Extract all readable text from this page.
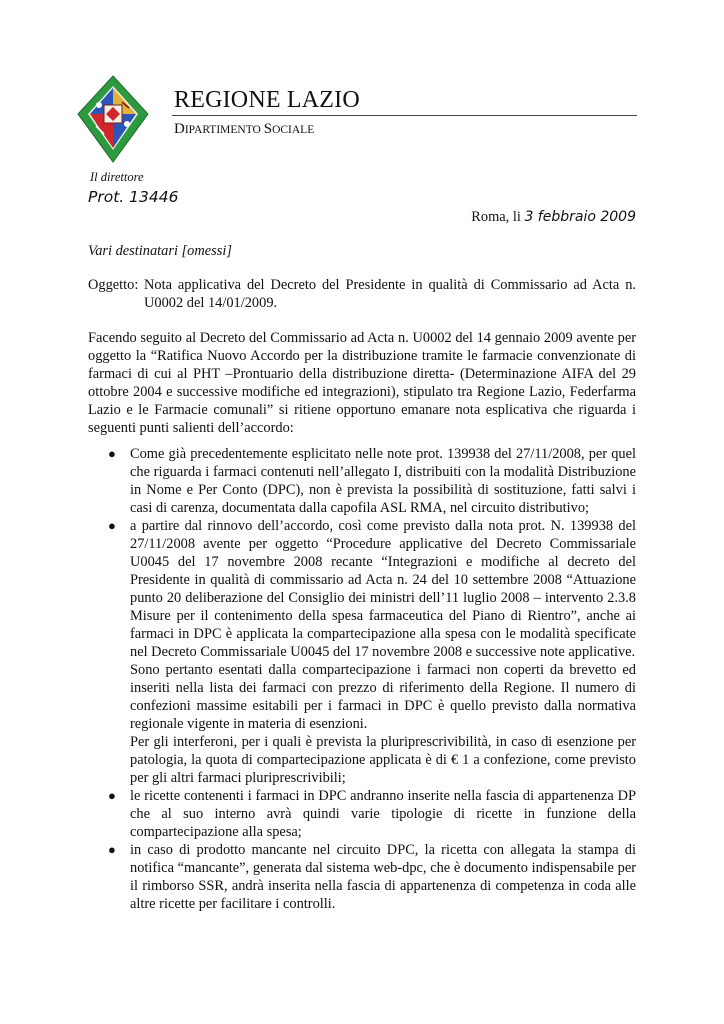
REGIONE LAZIO
DIPARTIMENTO SOCIALE
Il direttore
Prot. 13446
Roma, li 3 febbraio 2009
Vari destinatari [omessi]
Oggetto: Nota applicativa del Decreto del Presidente in qualità di Commissario ad Acta n. U0002 del 14/01/2009.
Facendo seguito al Decreto del Commissario ad Acta n. U0002 del 14 gennaio 2009 avente per oggetto la “Ratifica Nuovo Accordo per la distribuzione tramite le farmacie convenzionate di farmaci di cui al PHT –Prontuario della distribuzione diretta- (Determinazione AIFA del 29 ottobre 2004 e successive modifiche ed integrazioni), stipulato tra Regione Lazio, Federfarma Lazio e le Farmacie comunali” si ritiene opportuno emanare nota esplicativa che riguarda i seguenti punti salienti dell’accordo:
● Come già precedentemente esplicitato nelle note prot. 139938 del 27/11/2008, per quel che riguarda i farmaci contenuti nell’allegato I, distribuiti con la modalità Distribuzione in Nome e Per Conto (DPC), non è prevista la possibilità di sostituzione, fatti salvi i casi di carenza, documentata dalla capofila ASL RMA, nel circuito distributivo;

● a partire dal rinnovo dell’accordo, così come previsto dalla nota prot. N. 139938 del 27/11/2008 avente per oggetto “Procedure applicative del Decreto Commissariale U0045 del 17 novembre 2008 recante “Integrazioni e modifiche al decreto del Presidente in qualità di commissario ad Acta n. 24 del 10 settembre 2008 “Attuazione punto 20 deliberazione del Consiglio dei ministri dell’11 luglio 2008 – intervento 2.3.8 Misure per il contenimento della spesa farmaceutica del Piano di Rientro”, anche ai farmaci in DPC è applicata la compartecipazione alla spesa con le modalità specificate nel Decreto Commissariale U0045 del 17 novembre 2008 e successive note applicative.

Sono pertanto esentati dalla compartecipazione i farmaci non coperti da brevetto ed inseriti nella lista dei farmaci con prezzo di riferimento della Regione. Il numero di confezioni massime esitabili per i farmaci in DPC è quello previsto dalla normativa regionale vigente in materia di esenzioni.

Per gli interferoni, per i quali è prevista la pluriprescrivibilità, in caso di esenzione per patologia, la quota di compartecipazione applicata è di € 1 a confezione, come previsto per gli altri farmaci pluriprescrivibili;

● le ricette contenenti i farmaci in DPC andranno inserite nella fascia di appartenenza DP che al suo interno avrà quindi varie tipologie di ricette in funzione della compartecipazione alla spesa;

● in caso di prodotto mancante nel circuito DPC, la ricetta con allegata la stampa di notifica “mancante”, generata dal sistema web-dpc, che è documento indispensabile per il rimborso SSR, andrà inserita nella fascia di appartenenza di competenza in coda alle altre ricette per facilitare i controlli.
